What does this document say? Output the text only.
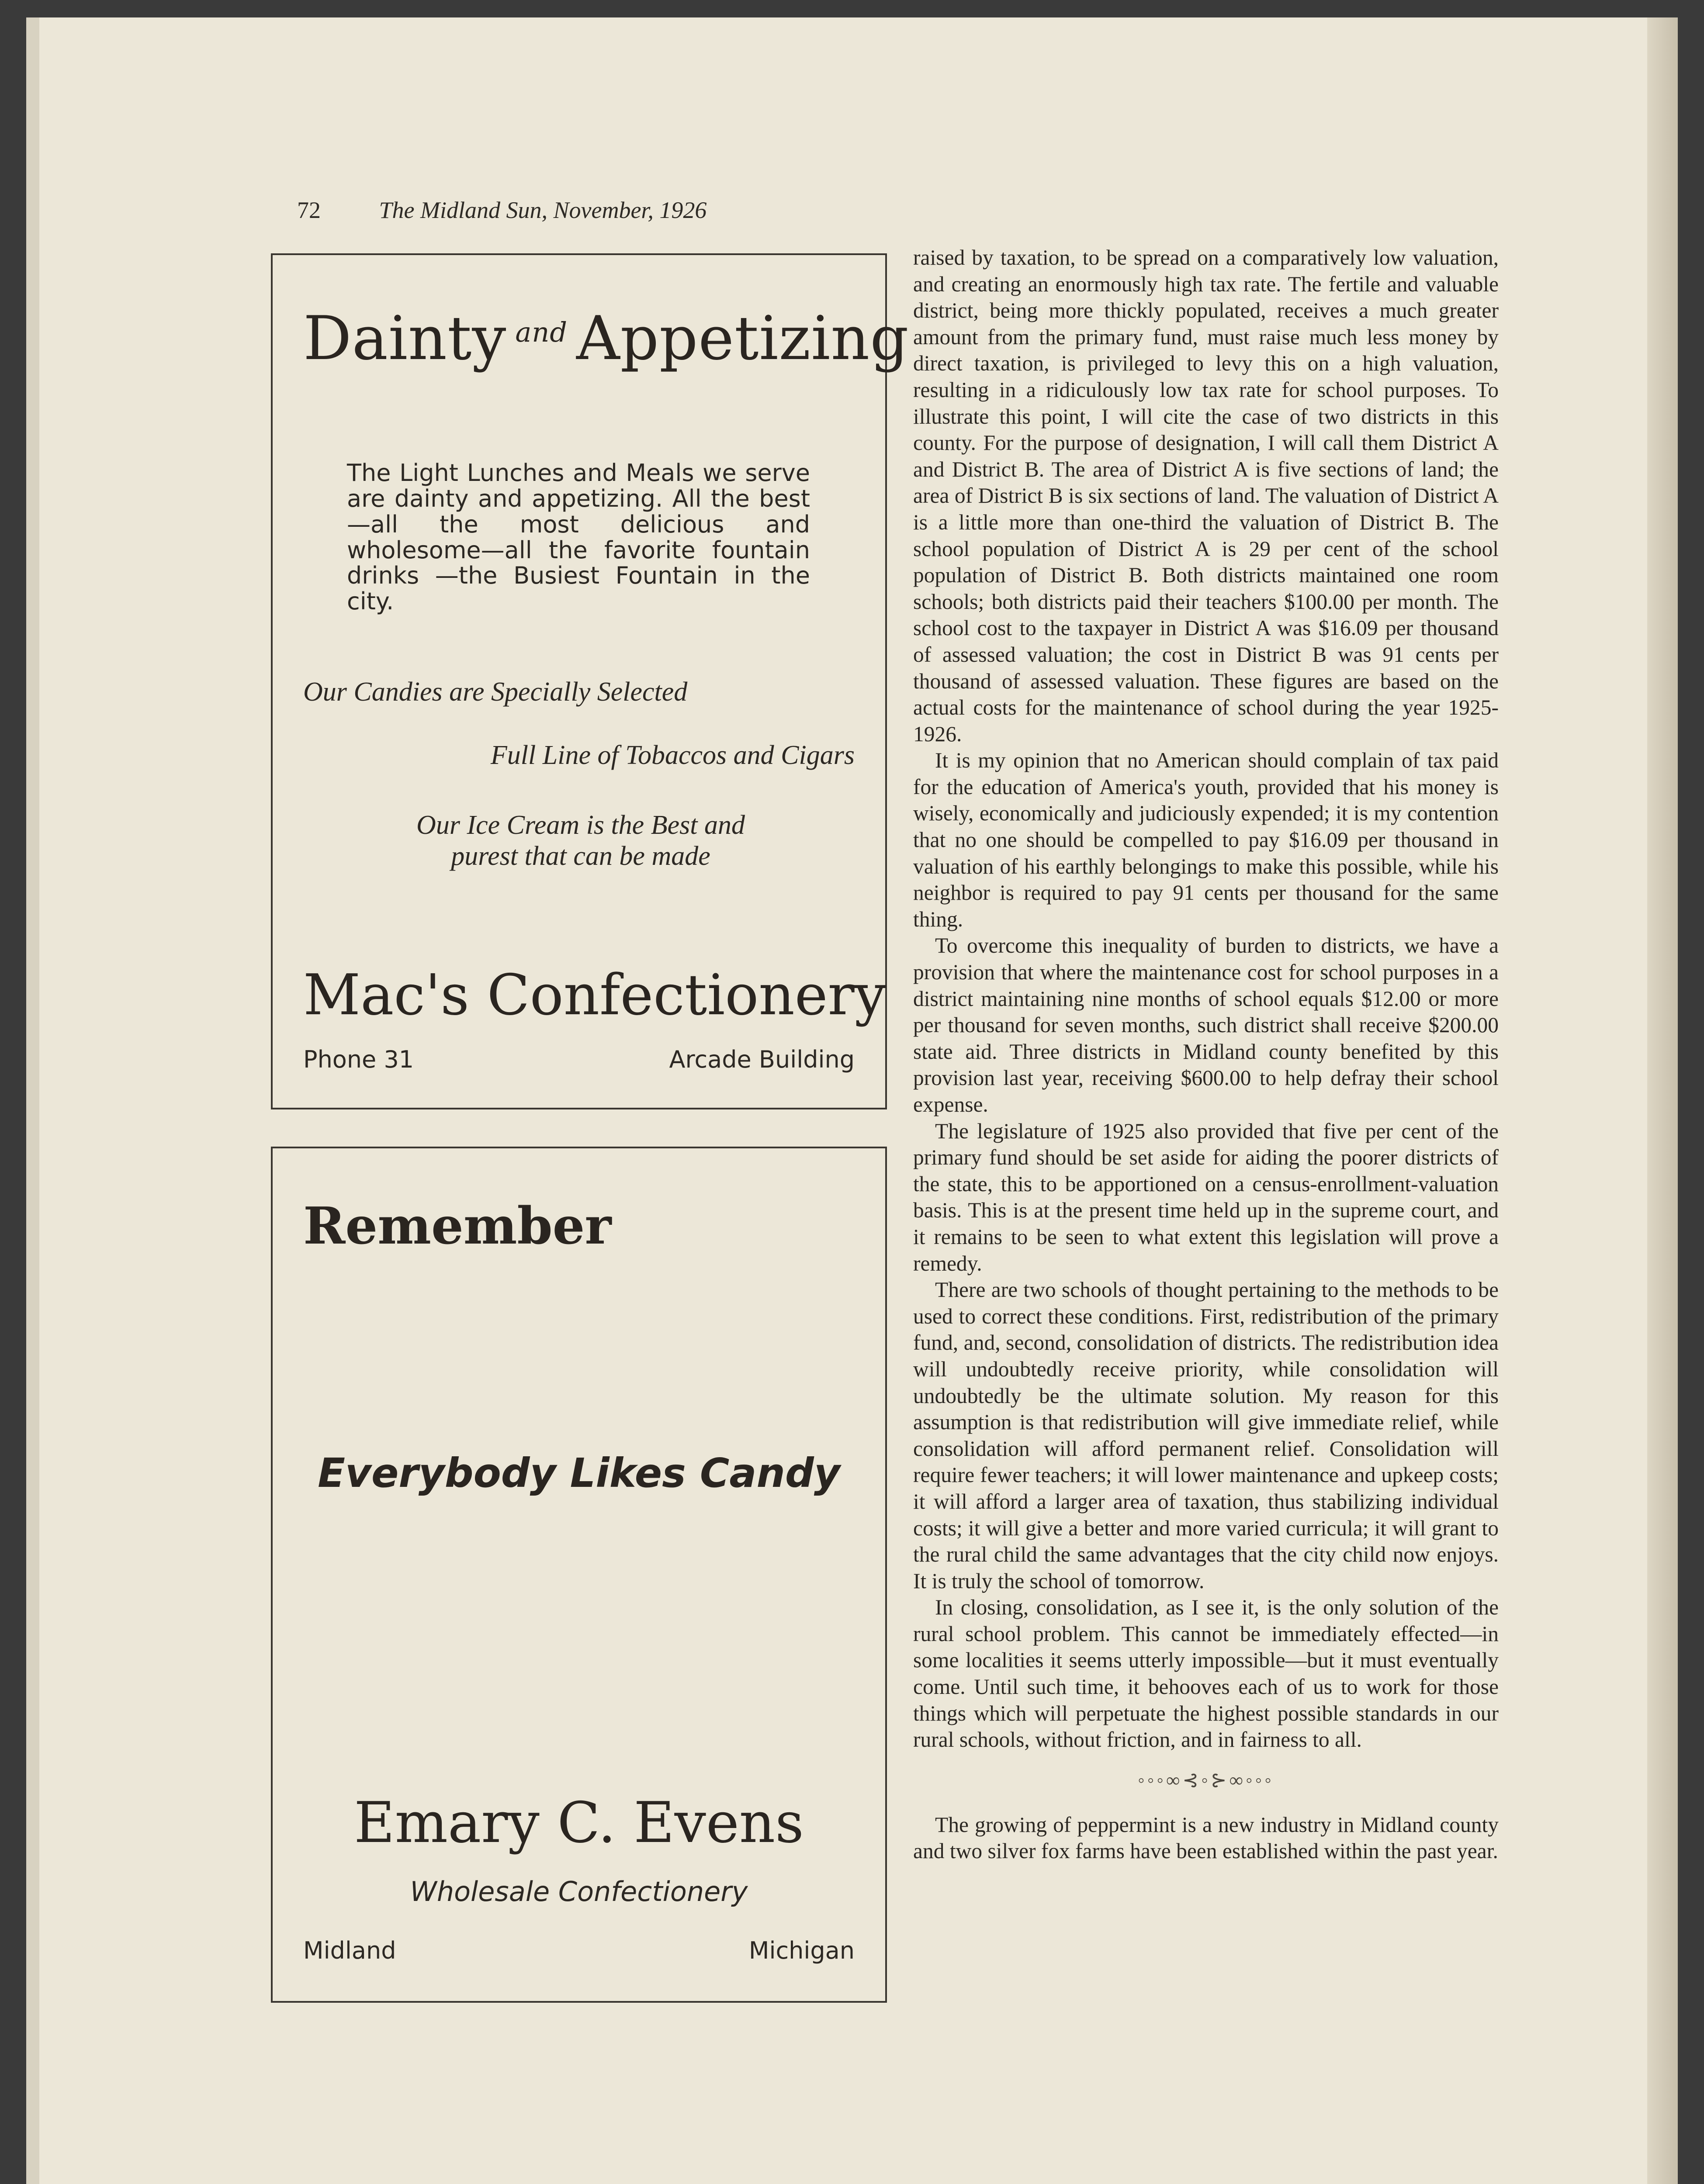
72 The Midland Sun, November, 1926
Dainty $^{and}$ Appetizing
The Light Lunches and Meals we serve are dainty and appetizing. All the best—all the most delicious and wholesome—all the favorite fountain drinks —the Busiest Fountain in the city.
Our Candies are Specially Selected
Full Line of Tobaccos and Cigars
Our Ice Cream is the Best and purest that can be made
Mac's Confectionery
Phone 31	Arcade Building
Remember
Everybody Likes Candy
Emary C. Evens
Wholesale Confectionery
Midland	Michigan

raised by taxation, to be spread on a comparatively low valuation, and creating an enormously high tax rate. The fertile and valuable district, being more thickly populated, receives a much greater amount from the primary fund, must raise much less money by direct taxation, is privileged to levy this on a high valuation, resulting in a ridiculously low tax rate for school purposes. To illustrate this point, I will cite the case of two districts in this county. For the purpose of designation, I will call them District A and District B. The area of District A is five sections of land; the area of District B is six sections of land. The valuation of District A is a little more than one-third the valuation of District B. The school population of District A is 29 per cent of the school population of District B. Both districts maintained one room schools; both districts paid their teachers $100.00 per month. The school cost to the taxpayer in District A was $16.09 per thousand of assessed valuation; the cost in District B was 91 cents per thousand of assessed valuation. These figures are based on the actual costs for the maintenance of school during the year 1925-1926.

It is my opinion that no American should complain of tax paid for the education of America's youth, provided that his money is wisely, economically and judiciously expended; it is my contention that no one should be compelled to pay $16.09 per thousand in valuation of his earthly belongings to make this possible, while his neighbor is required to pay 91 cents per thousand for the same thing.

To overcome this inequality of burden to districts, we have a provision that where the maintenance cost for school purposes in a district maintaining nine months of school equals $12.00 or more per thousand for seven months, such district shall receive $200.00 state aid. Three districts in Midland county benefited by this provision last year, receiving $600.00 to help defray their school expense.

The legislature of 1925 also provided that five per cent of the primary fund should be set aside for aiding the poorer districts of the state, this to be apportioned on a census-enrollment-valuation basis. This is at the present time held up in the supreme court, and it remains to be seen to what extent this legislation will prove a remedy.

There are two schools of thought pertaining to the methods to be used to correct these conditions. First, redistribution of the primary fund, and, second, consolidation of districts. The redistribution idea will undoubtedly receive priority, while consolidation will undoubtedly be the ultimate solution. My reason for this assumption is that redistribution will give immediate relief, while consolidation will afford permanent relief. Consolidation will require fewer teachers; it will lower maintenance and upkeep costs; it will afford a larger area of taxation, thus stabilizing individual costs; it will give a better and more varied curricula; it will grant to the rural child the same advantages that the city child now enjoys. It is truly the school of tomorrow.

In closing, consolidation, as I see it, is the only solution of the rural school problem. This cannot be immediately effected—in some localities it seems utterly impossible—but it must eventually come. Until such time, it behooves each of us to work for those things which will perpetuate the highest possible standards in our rural schools, without friction, and in fairness to all.

◦◦◦∞⊰◦⊱∞◦◦◦

The growing of peppermint is a new industry in Midland county and two silver fox farms have been established within the past year.
